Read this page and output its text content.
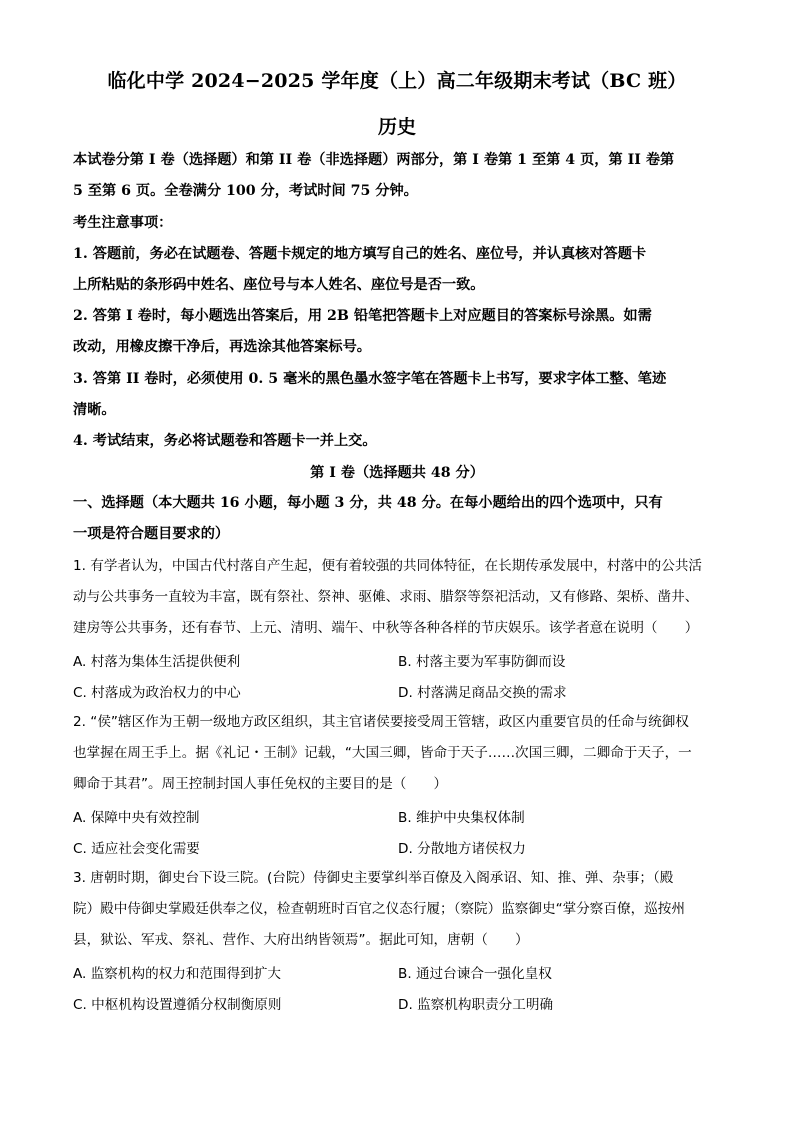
临化中学 2024−2025 学年度（上）高二年级期末考试（BC 班）
历史
本试卷分第 I 卷（选择题）和第 II 卷（非选择题）两部分，第 I 卷第 1 至第 4 页，第 II 卷第
5 至第 6 页。全卷满分 100 分，考试时间 75 分钟。
考生注意事项：
1. 答题前，务必在试题卷、答题卡规定的地方填写自己的姓名、座位号，并认真核对答题卡
上所粘贴的条形码中姓名、座位号与本人姓名、座位号是否一致。
2. 答第 I 卷时，每小题选出答案后，用 2B 铅笔把答题卡上对应题目的答案标号涂黑。如需
改动，用橡皮擦干净后，再选涂其他答案标号。
3. 答第 II 卷时，必须使用 0. 5 毫米的黑色墨水签字笔在答题卡上书写，要求字体工整、笔迹
清晰。
4. 考试结束，务必将试题卷和答题卡一并上交。
第 I 卷（选择题共 48 分）
一、选择题（本大题共 16 小题，每小题 3 分，共 48 分。在每小题给出的四个选项中，只有
一项是符合题目要求的）
1. 有学者认为，中国古代村落自产生起，便有着较强的共同体特征，在长期传承发展中，村落中的公共活
动与公共事务一直较为丰富，既有祭社、祭神、驱傩、求雨、腊祭等祭祀活动，又有修路、架桥、凿井、
建房等公共事务，还有春节、上元、清明、端午、中秋等各种各样的节庆娱乐。该学者意在说明（　　）
A. 村落为集体生活提供便利	B. 村落主要为军事防御而设
C. 村落成为政治权力的中心	D. 村落满足商品交换的需求
2. “侯”辖区作为王朝一级地方政区组织，其主官诸侯要接受周王管辖，政区内重要官员的任命与统御权
也掌握在周王手上。据《礼记・王制》记载，“大国三卿，皆命于天子……次国三卿，二卿命于天子，一
卿命于其君”。周王控制封国人事任免权的主要目的是（　　）
A. 保障中央有效控制	B. 维护中央集权体制
C. 适应社会变化需要	D. 分散地方诸侯权力
3. 唐朝时期，御史台下设三院。(台院）侍御史主要掌纠举百僚及入阁承诏、知、推、弹、杂事；（殿
院）殿中侍御史掌殿廷供奉之仪，检查朝班时百官之仪态行履；（察院）监察御史“掌分察百僚，巡按州
县，狱讼、军戎、祭礼、营作、大府出纳皆领焉”。据此可知，唐朝（　　）
A. 监察机构的权力和范围得到扩大	B. 通过台谏合一强化皇权
C. 中枢机构设置遵循分权制衡原则	D. 监察机构职责分工明确
